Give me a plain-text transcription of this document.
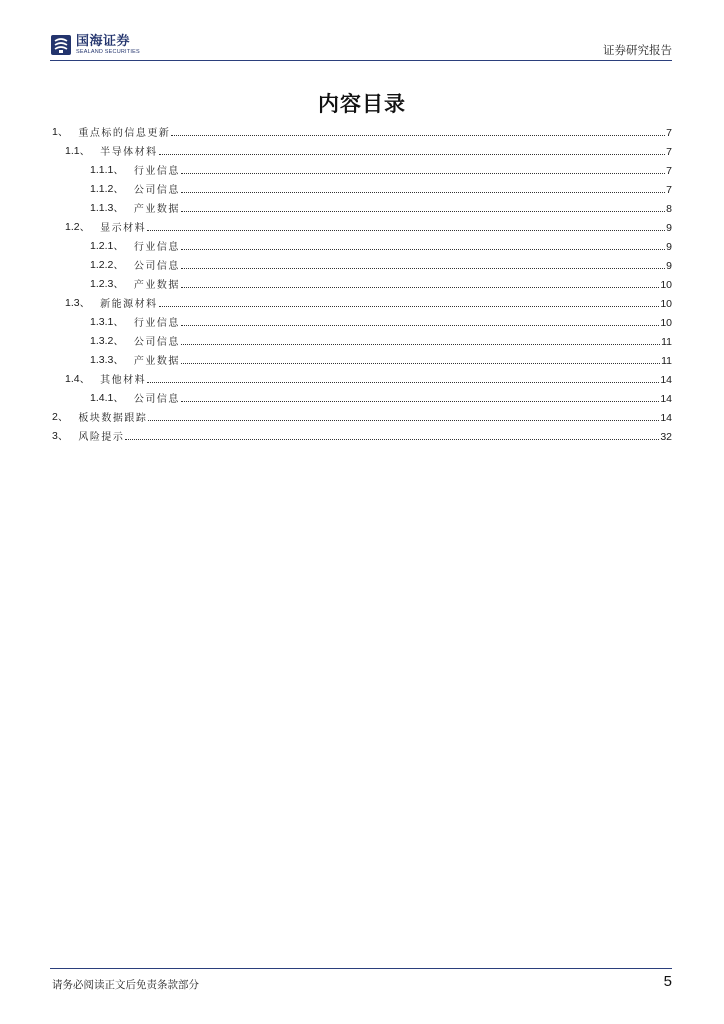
国海证券
SEALAND SECURITIES	证券研究报告
内容目录
1、 重点标的信息更新	7
1.1、 半导体材料	7
1.1.1、 行业信息	7
1.1.2、 公司信息	7
1.1.3、 产业数据	8
1.2、 显示材料	9
1.2.1、 行业信息	9
1.2.2、 公司信息	9
1.2.3、 产业数据	10
1.3、 新能源材料	10
1.3.1、 行业信息	10
1.3.2、 公司信息	11
1.3.3、 产业数据	11
1.4、 其他材料	14
1.4.1、 公司信息	14
2、 板块数据跟踪	14
3、 风险提示	32
请务必阅读正文后免责条款部分	5
